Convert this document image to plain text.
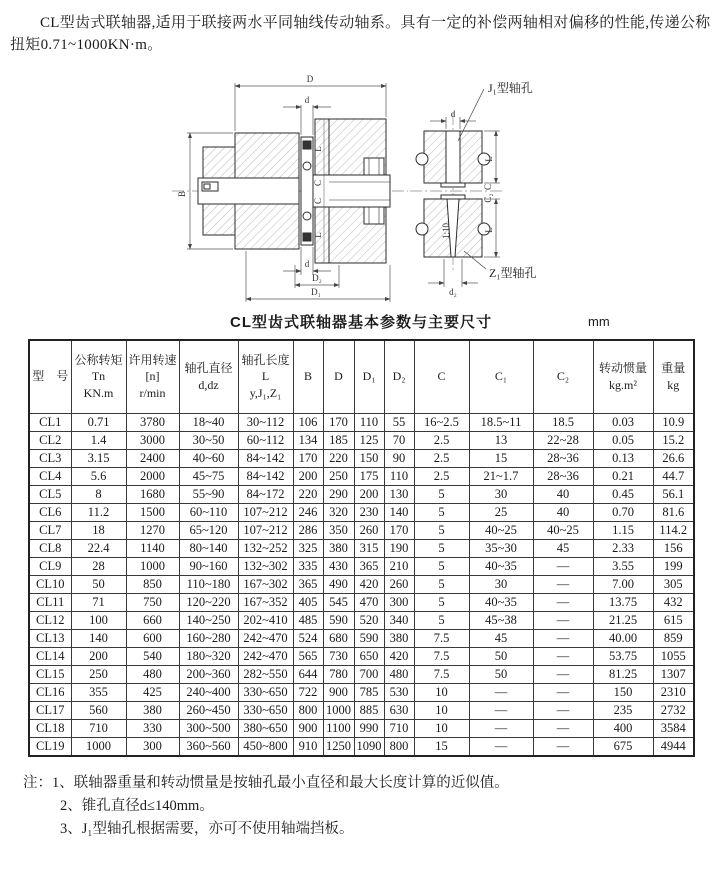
CL型齿式联轴器,适用于联接两水平同轴线传动轴系。具有一定的补偿两轴相对偏移的性能,传递公称扭矩0.71~1000KN·m。

D
d
B
L
C
C
L
d
D₂
D₁
d
L
C
C₂
L
d₂
1:10
J₁型轴孔
Z₁型轴孔
CL型齿式联轴器基本参数与主要尺寸	mm
型　号

公称转矩
Tn
KN.m

许用转速
[n]
r/min

轴孔直径
d,dz

轴孔长度
L
y,J₁,Z₁

B	D	D₁	D₂	C	C₁	C₂

转动惯量
kg.m²

重量
kg

CL1	0.71	3780	18~40	30~112	106	170	110	55	16~2.5	18.5~11	18.5	0.03	10.9
CL2	1.4	3000	30~50	60~112	134	185	125	70	2.5	13	22~28	0.05	15.2
CL3	3.15	2400	40~60	84~142	170	220	150	90	2.5	15	28~36	0.13	26.6
CL4	5.6	2000	45~75	84~142	200	250	175	110	2.5	21~1.7	28~36	0.21	44.7
CL5	8	1680	55~90	84~172	220	290	200	130	5	30	40	0.45	56.1
CL6	11.2	1500	60~110	107~212	246	320	230	140	5	25	40	0.70	81.6
CL7	18	1270	65~120	107~212	286	350	260	170	5	40~25	40~25	1.15	114.2
CL8	22.4	1140	80~140	132~252	325	380	315	190	5	35~30	45	2.33	156
CL9	28	1000	90~160	132~302	335	430	365	210	5	40~35	—	3.55	199
CL10	50	850	110~180	167~302	365	490	420	260	5	30	—	7.00	305
CL11	71	750	120~220	167~352	405	545	470	300	5	40~35	—	13.75	432
CL12	100	660	140~250	202~410	485	590	520	340	5	45~38	—	21.25	615
CL13	140	600	160~280	242~470	524	680	590	380	7.5	45	—	40.00	859
CL14	200	540	180~320	242~470	565	730	650	420	7.5	50	—	53.75	1055
CL15	250	480	200~360	282~550	644	780	700	480	7.5	50	—	81.25	1307
CL16	355	425	240~400	330~650	722	900	785	530	10	—	—	150	2310
CL17	560	380	260~450	330~650	800	1000	885	630	10	—	—	235	2732
CL18	710	330	300~500	380~650	900	1100	990	710	10	—	—	400	3584
CL19	1000	300	360~560	450~800	910	1250	1090	800	15	—	—	675	4944
注：1、联轴器重量和转动惯量是按轴孔最小直径和最大长度计算的近似值。
2、锥孔直径d≤140mm。
3、J₁型轴孔根据需要，亦可不使用轴端挡板。
